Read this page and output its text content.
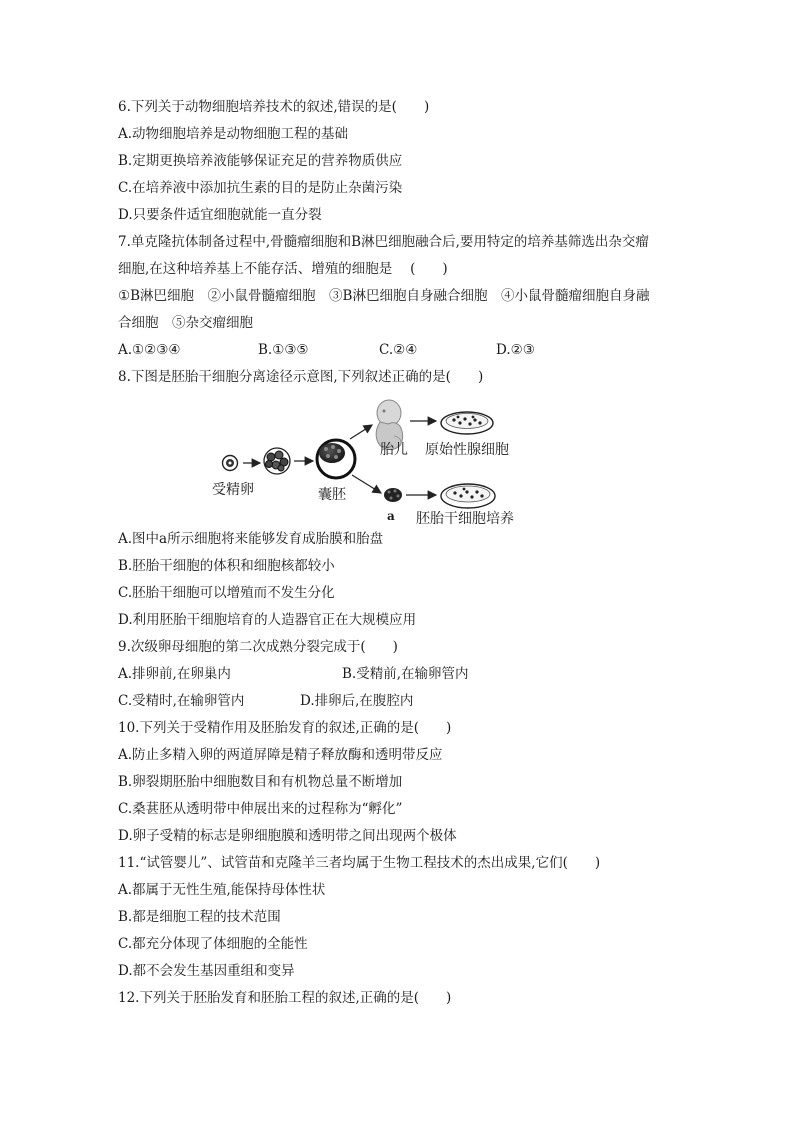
6.下列关于动物细胞培养技术的叙述,错误的是(　　)
A.动物细胞培养是动物细胞工程的基础
B.定期更换培养液能够保证充足的营养物质供应
C.在培养液中添加抗生素的目的是防止杂菌污染
D.只要条件适宜细胞就能一直分裂
7.单克隆抗体制备过程中,骨髓瘤细胞和B淋巴细胞融合后,要用特定的培养基筛选出杂交瘤
细胞,在这种培养基上不能存活、增殖的细胞是　 (　　)
①B淋巴细胞　②小鼠骨髓瘤细胞　③B淋巴细胞自身融合细胞　④小鼠骨髓瘤细胞自身融
合细胞　⑤杂交瘤细胞
A.①②③④	B.①③⑤	C.②④	D.②③
8.下图是胚胎干细胞分离途径示意图,下列叙述正确的是(　　)
受精卵	囊胚
a
胎儿 原始性腺细胞
胚胎干细胞培养
A.图中a所示细胞将来能够发育成胎膜和胎盘
B.胚胎干细胞的体积和细胞核都较小
C.胚胎干细胞可以增殖而不发生分化
D.利用胚胎干细胞培育的人造器官正在大规模应用
9.次级卵母细胞的第二次成熟分裂完成于(　　)
A.排卵前,在卵巢内	B.受精前,在输卵管内
C.受精时,在输卵管内	D.排卵后,在腹腔内
10.下列关于受精作用及胚胎发育的叙述,正确的是(　　)
A.防止多精入卵的两道屏障是精子释放酶和透明带反应
B.卵裂期胚胎中细胞数目和有机物总量不断增加
C.桑葚胚从透明带中伸展出来的过程称为“孵化”
D.卵子受精的标志是卵细胞膜和透明带之间出现两个极体
11.“试管婴儿”、试管苗和克隆羊三者均属于生物工程技术的杰出成果,它们(　　)
A.都属于无性生殖,能保持母体性状
B.都是细胞工程的技术范围
C.都充分体现了体细胞的全能性
D.都不会发生基因重组和变异
12.下列关于胚胎发育和胚胎工程的叙述,正确的是(　　)
